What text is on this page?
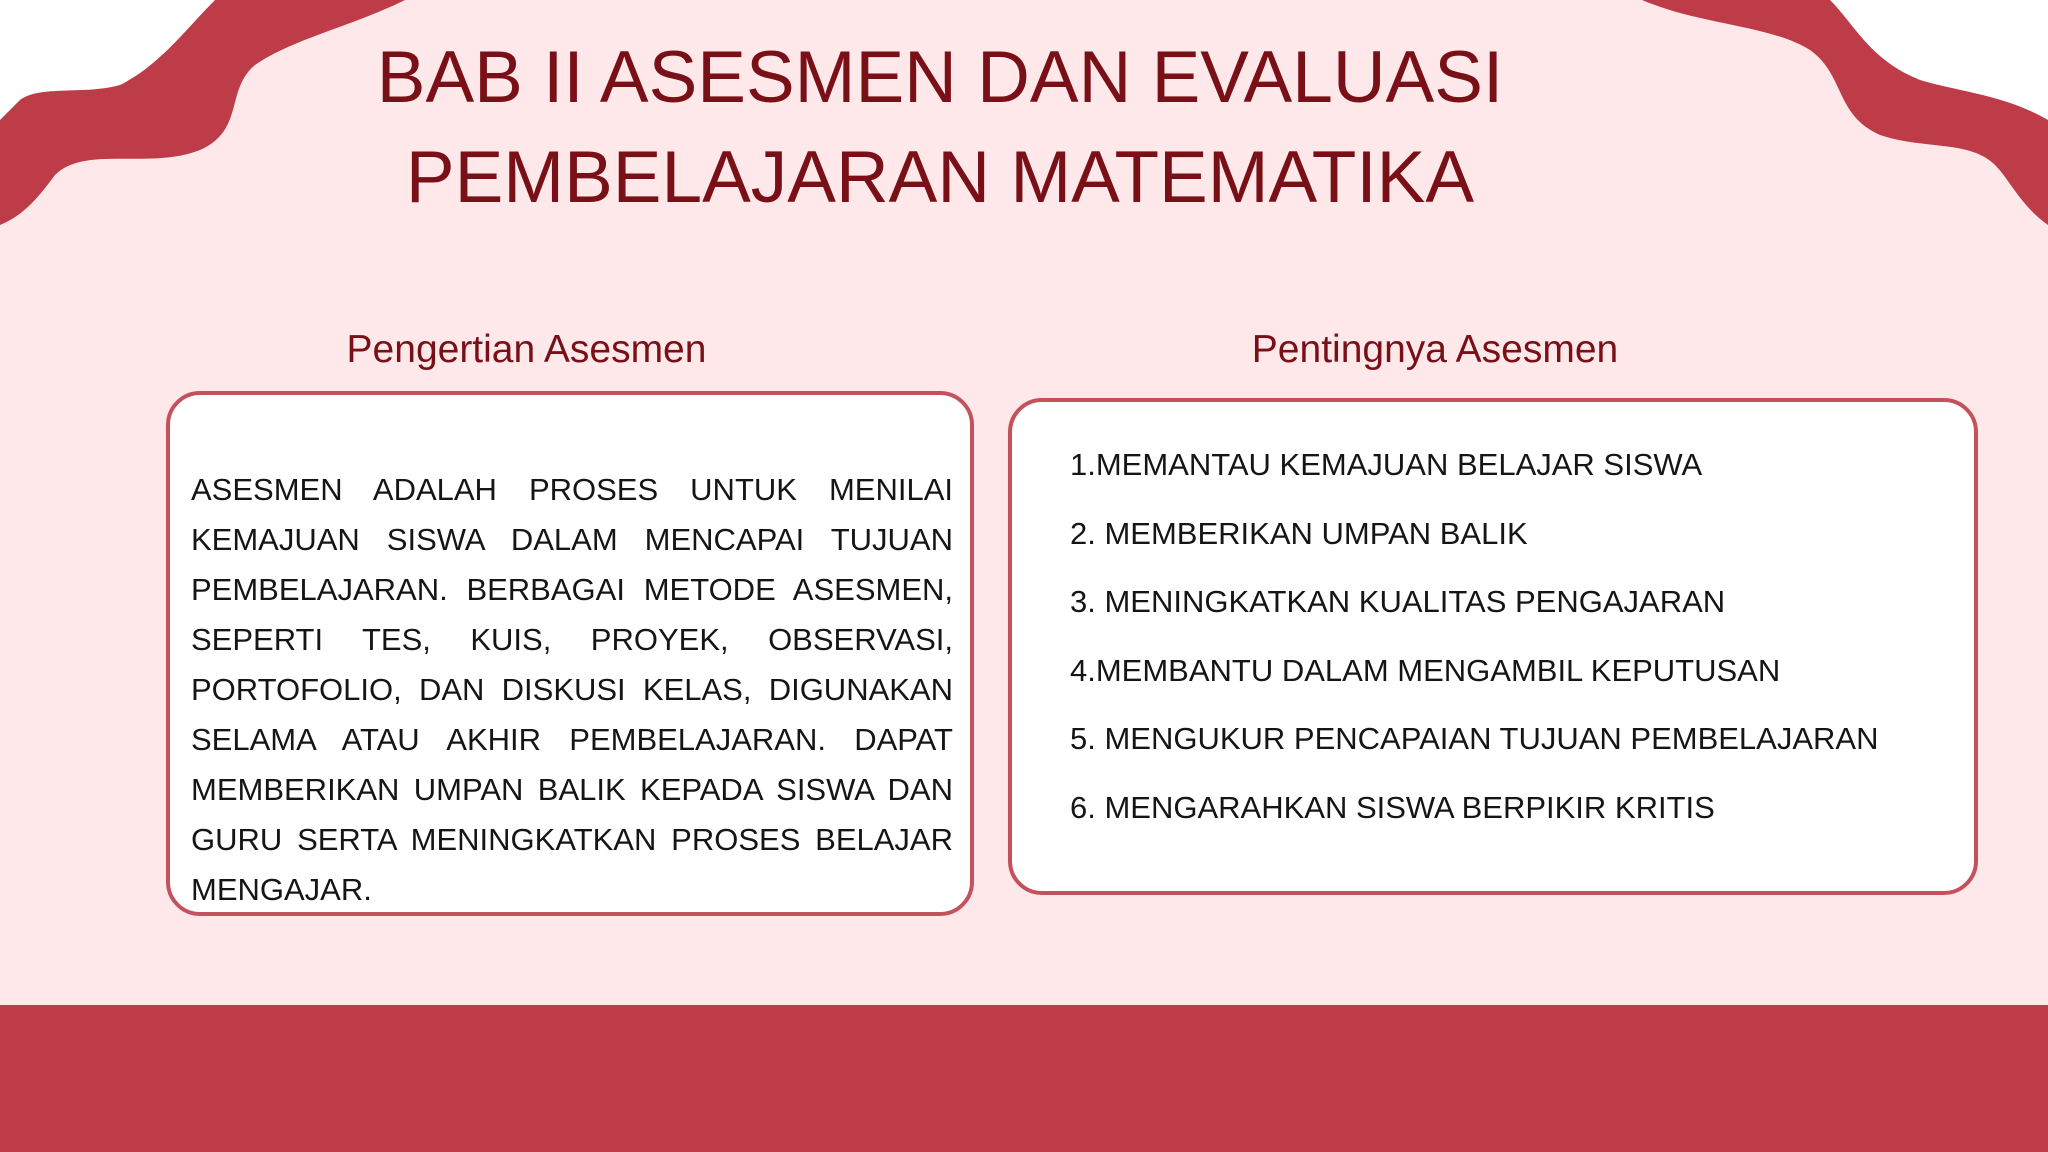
BAB II ASESMEN DAN EVALUASI
PEMBELAJARAN MATEMATIKA
Pengertian Asesmen	Pentingnya Asesmen

ASESMEN ADALAH PROSES UNTUK MENILAI KEMAJUAN SISWA DALAM MENCAPAI TUJUAN PEMBELAJARAN. BERBAGAI METODE ASESMEN, SEPERTI TES, KUIS, PROYEK, OBSERVASI, PORTOFOLIO, DAN DISKUSI KELAS, DIGUNAKAN SELAMA ATAU AKHIR PEMBELAJARAN. DAPAT MEMBERIKAN UMPAN BALIK KEPADA SISWA DAN GURU SERTA MENINGKATKAN PROSES BELAJAR MENGAJAR.

1.MEMANTAU KEMAJUAN BELAJAR SISWA
2. MEMBERIKAN UMPAN BALIK
3. MENINGKATKAN KUALITAS PENGAJARAN
4.MEMBANTU DALAM MENGAMBIL KEPUTUSAN
5. MENGUKUR PENCAPAIAN TUJUAN PEMBELAJARAN
6. MENGARAHKAN SISWA BERPIKIR KRITIS
